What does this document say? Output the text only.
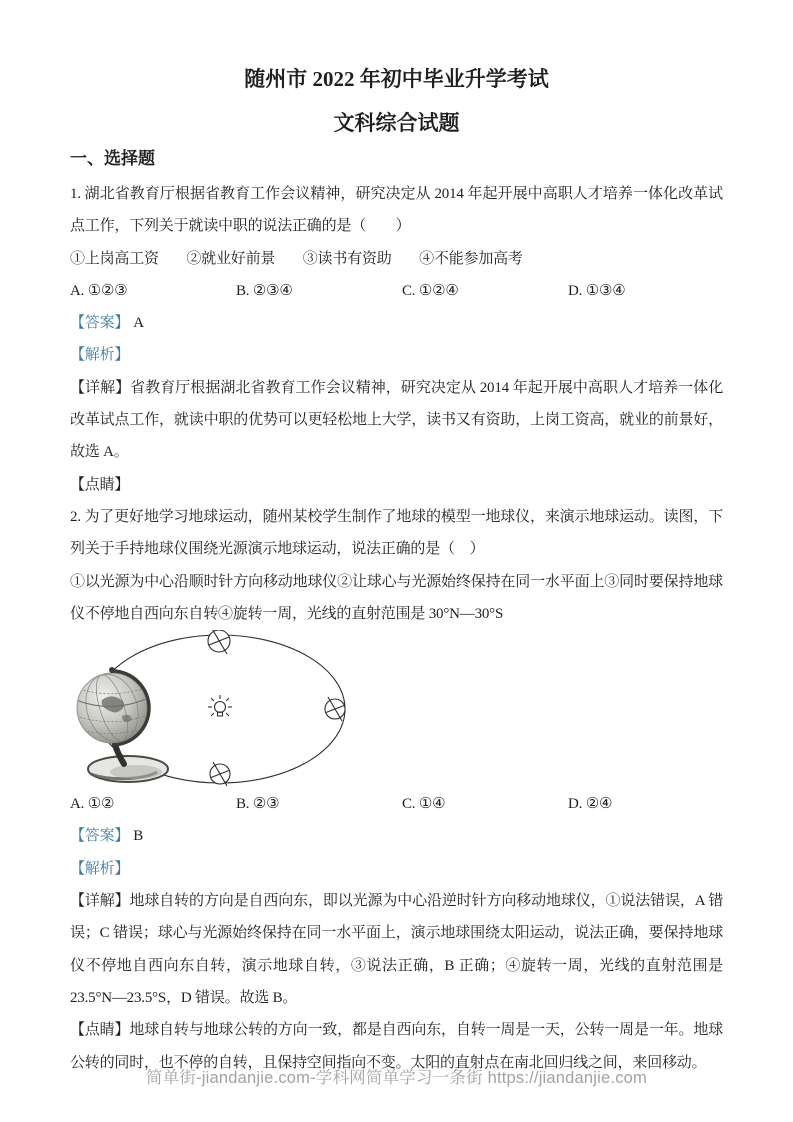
随州市 2022 年初中毕业升学考试
文科综合试题
一、选择题

1. 湖北省教育厅根据省教育工作会议精神，研究决定从 2014 年起开展中高职人才培养一体化改革试点工作，下列关于就读中职的说法正确的是（　　）

①上岗高工资 ②就业好前景 ③读书有资助 ④不能参加高考
A. ①②③	B. ②③④	C. ①②④	D. ①③④

【答案】 A

【解析】

【详解】省教育厅根据湖北省教育工作会议精神，研究决定从 2014 年起开展中高职人才培养一体化改革试点工作，就读中职的优势可以更轻松地上大学，读书又有资助，上岗工资高，就业的前景好，故选 A。

【点睛】

2. 为了更好地学习地球运动，随州某校学生制作了地球的模型一地球仪，来演示地球运动。读图，下列关于手持地球仪围绕光源演示地球运动，说法正确的是（　）

①以光源为中心沿顺时针方向移动地球仪②让球心与光源始终保持在同一水平面上③同时要保持地球仪不停地自西向东自转④旋转一周，光线的直射范围是 30°N—30°S

A. ①②	B. ②③	C. ①④	D. ②④

【答案】 B

【解析】

【详解】地球自转的方向是自西向东，即以光源为中心沿逆时针方向移动地球仪，①说法错误，A 错误；C 错误；球心与光源始终保持在同一水平面上，演示地球围绕太阳运动，说法正确，要保持地球仪不停地自西向东自转，演示地球自转，③说法正确，B 正确；④旋转一周，光线的直射范围是 23.5°N—23.5°S，D 错误。故选 B。

【点睛】地球自转与地球公转的方向一致，都是自西向东，自转一周是一天，公转一周是一年。地球公转的同时，也不停的自转，且保持空间指向不变。太阳的直射点在南北回归线之间，来回移动。

简单街-jiandanjie.com-学科网简单学习一条街 https://jiandanjie.com
